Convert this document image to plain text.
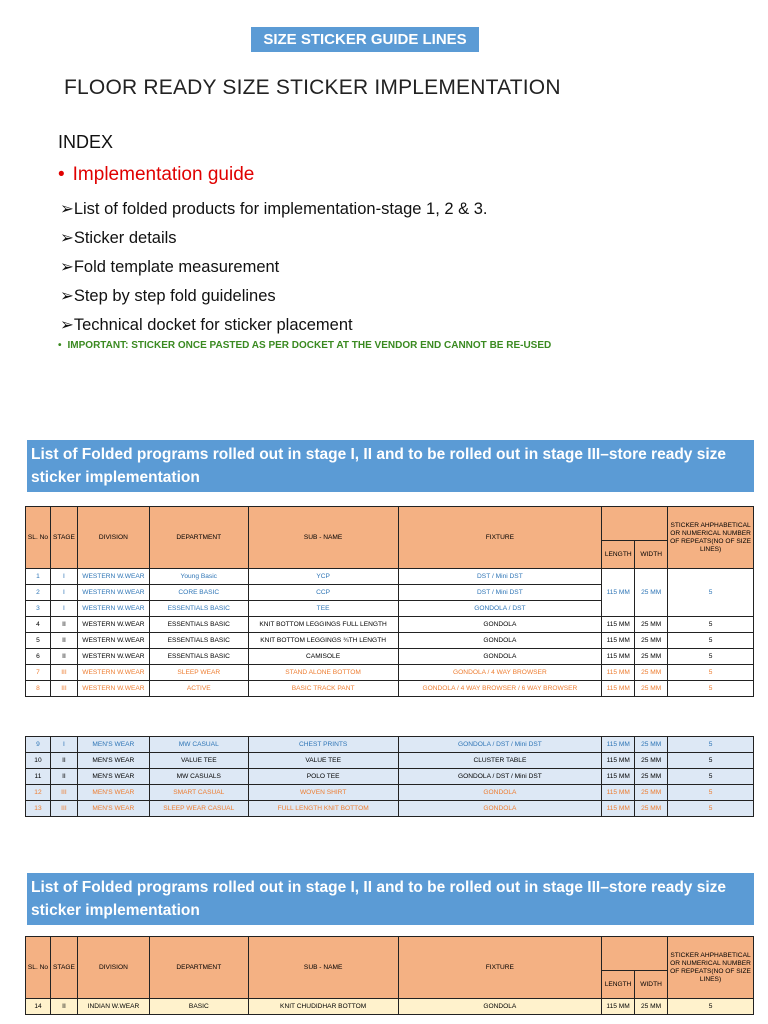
SIZE STICKER GUIDE LINES
FLOOR READY SIZE STICKER IMPLEMENTATION
INDEX
• Implementation guide
➢List of folded products for implementation-stage 1, 2 & 3.
➢Sticker details
➢Fold template measurement
➢Step by step fold guidelines
➢Technical docket for sticker placement
• IMPORTANT: STICKER ONCE PASTED AS PER DOCKET AT THE VENDOR END CANNOT BE RE-USED
List of Folded programs rolled out in stage I, II and to be rolled out in stage III–store ready size sticker implementation
SL. No	STAGE	DIVISION	DEPARTMENT	SUB - NAME	FIXTURE			STICKER AHPHABETICAL OR NUMERICAL NUMBER OF REPEATS(NO OF SIZE LINES)
						LENGTH	WIDTH	
1	I	WESTERN W.WEAR	Young Basic	YCP	DST / Mini DST	115 MM	25 MM	5
2	I	WESTERN W.WEAR	CORE BASIC	CCP	DST / Mini DST			
3	I	WESTERN W.WEAR	ESSENTIALS BASIC	TEE	GONDOLA / DST			
4	II	WESTERN W.WEAR	ESSENTIALS BASIC	KNIT BOTTOM LEGGINGS FULL LENGTH	GONDOLA	115 MM	25 MM	5
5	II	WESTERN W.WEAR	ESSENTIALS BASIC	KNIT BOTTOM LEGGINGS ¾TH LENGTH	GONDOLA	115 MM	25 MM	5
6	II	WESTERN W.WEAR	ESSENTIALS BASIC	CAMISOLE	GONDOLA	115 MM	25 MM	5
7	III	WESTERN W.WEAR	SLEEP WEAR	STAND ALONE BOTTOM	GONDOLA / 4 WAY BROWSER	115 MM	25 MM	5
8	III	WESTERN W.WEAR	ACTIVE	BASIC TRACK PANT	GONDOLA / 4 WAY BROWSER / 6 WAY BROWSER	115 MM	25 MM	5
9	I	MEN'S WEAR	MW CASUAL	CHEST PRINTS	GONDOLA / DST / Mini DST	115 MM	25 MM	5
10	II	MEN'S WEAR	VALUE TEE	VALUE TEE	CLUSTER TABLE	115 MM	25 MM	5
11	II	MEN'S WEAR	MW CASUALS	POLO TEE	GONDOLA / DST / Mini DST	115 MM	25 MM	5
12	III	MEN'S WEAR	SMART CASUAL	WOVEN SHIRT	GONDOLA	115 MM	25 MM	5
13	III	MEN'S WEAR	SLEEP WEAR CASUAL	FULL LENGTH KNIT BOTTOM	GONDOLA	115 MM	25 MM	5
List of Folded programs rolled out in stage I, II and to be rolled out in stage III–store ready size sticker implementation
SL. No	STAGE	DIVISION	DEPARTMENT	SUB - NAME	FIXTURE			STICKER AHPHABETICAL OR NUMERICAL NUMBER OF REPEATS(NO OF SIZE LINES)
						LENGTH	WIDTH	
14	II	INDIAN W.WEAR	BASIC	KNIT CHUDIDHAR BOTTOM	GONDOLA	115 MM	25 MM	5
